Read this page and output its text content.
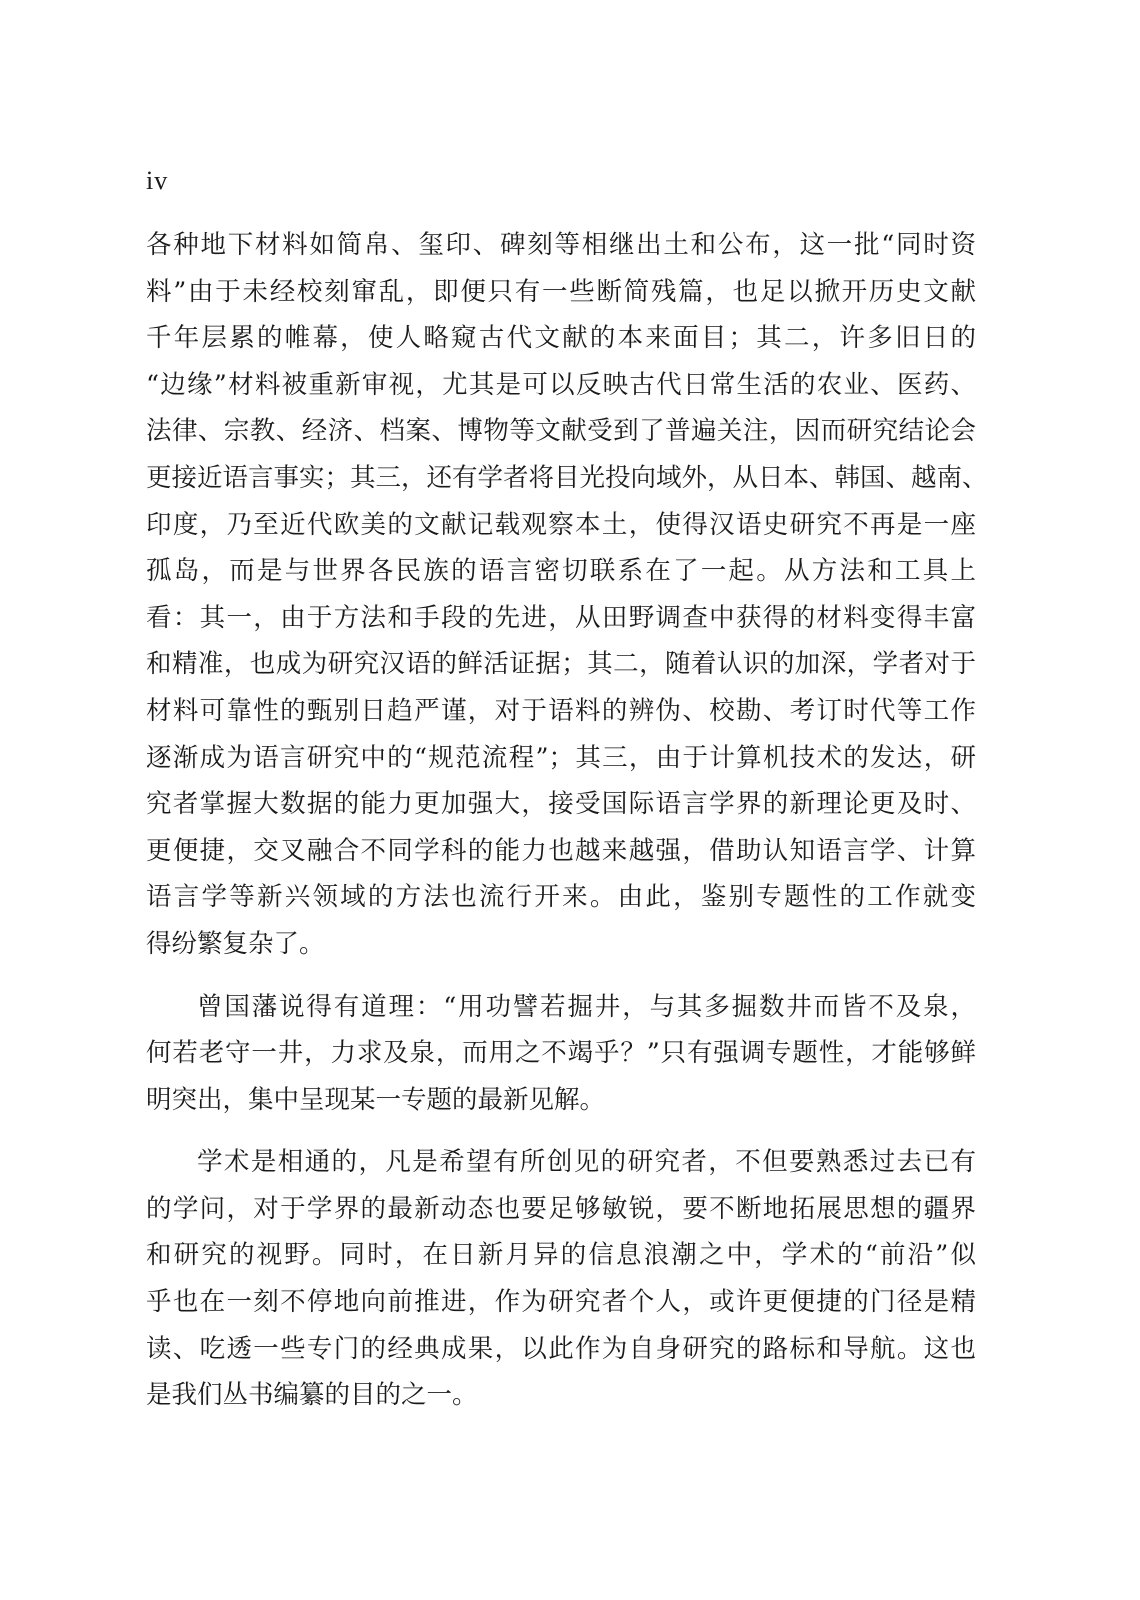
iv
各种地下材料如简帛、玺印、碑刻等相继出土和公布，这一批“同时资
料”由于未经校刻窜乱，即便只有一些断简残篇，也足以掀开历史文献
千年层累的帷幕，使人略窥古代文献的本来面目；其二，许多旧日的
“边缘”材料被重新审视，尤其是可以反映古代日常生活的农业、医药、
法律、宗教、经济、档案、博物等文献受到了普遍关注，因而研究结论会
更接近语言事实；其三，还有学者将目光投向域外，从日本、韩国、越南、
印度，乃至近代欧美的文献记载观察本土，使得汉语史研究不再是一座
孤岛，而是与世界各民族的语言密切联系在了一起。从方法和工具上
看：其一，由于方法和手段的先进，从田野调查中获得的材料变得丰富
和精准，也成为研究汉语的鲜活证据；其二，随着认识的加深，学者对于
材料可靠性的甄别日趋严谨，对于语料的辨伪、校勘、考订时代等工作
逐渐成为语言研究中的“规范流程”；其三，由于计算机技术的发达，研
究者掌握大数据的能力更加强大，接受国际语言学界的新理论更及时、
更便捷，交叉融合不同学科的能力也越来越强，借助认知语言学、计算
语言学等新兴领域的方法也流行开来。由此，鉴别专题性的工作就变
得纷繁复杂了。
曾国藩说得有道理：“用功譬若掘井，与其多掘数井而皆不及泉，
何若老守一井，力求及泉，而用之不竭乎？”只有强调专题性，才能够鲜
明突出，集中呈现某一专题的最新见解。
学术是相通的，凡是希望有所创见的研究者，不但要熟悉过去已有
的学问，对于学界的最新动态也要足够敏锐，要不断地拓展思想的疆界
和研究的视野。同时，在日新月异的信息浪潮之中，学术的“前沿”似
乎也在一刻不停地向前推进，作为研究者个人，或许更便捷的门径是精
读、吃透一些专门的经典成果，以此作为自身研究的路标和导航。这也
是我们丛书编纂的目的之一。
